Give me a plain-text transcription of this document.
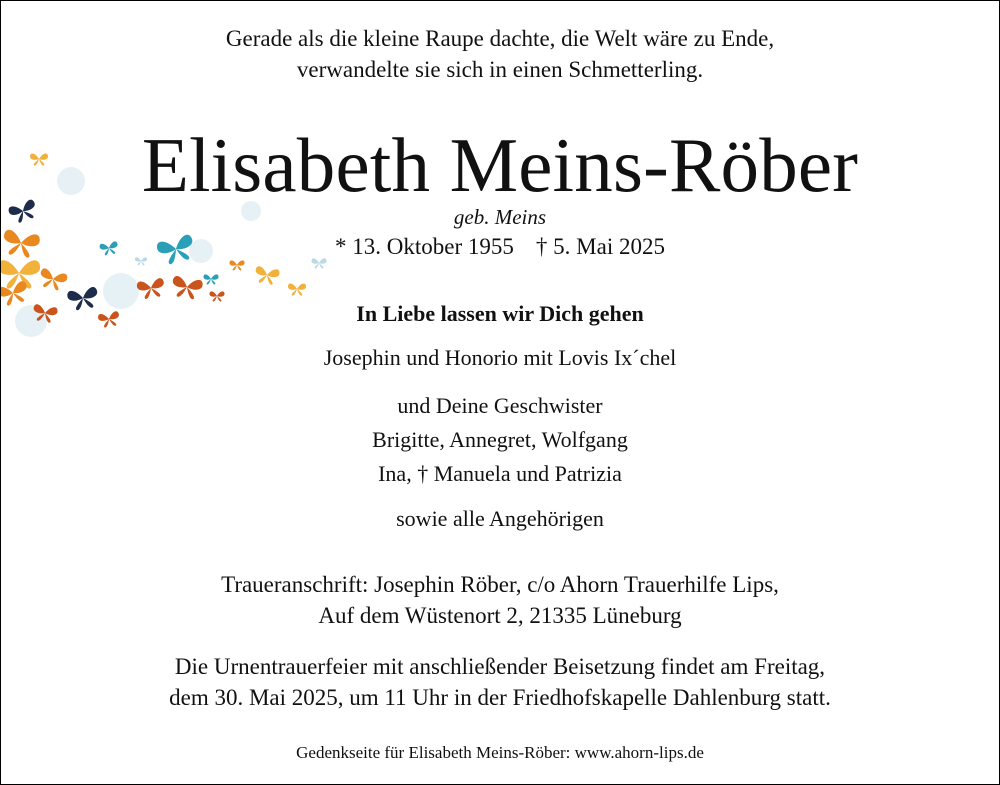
Gerade als die kleine Raupe dachte, die Welt wäre zu Ende,
verwandelte sie sich in einen Schmetterling.
Elisabeth Meins-Röber
geb. Meins
* 13. Oktober 1955 † 5. Mai 2025
In Liebe lassen wir Dich gehen
Josephin und Honorio mit Lovis Ix´chel
und Deine Geschwister
Brigitte, Annegret, Wolfgang
Ina, † Manuela und Patrizia
sowie alle Angehörigen
Traueranschrift: Josephin Röber, c/o Ahorn Trauerhilfe Lips,
Auf dem Wüstenort 2, 21335 Lüneburg
Die Urnentrauerfeier mit anschließender Beisetzung findet am Freitag,
dem 30. Mai 2025, um 11 Uhr in der Friedhofskapelle Dahlenburg statt.
Gedenkseite für Elisabeth Meins-Röber: www.ahorn-lips.de
